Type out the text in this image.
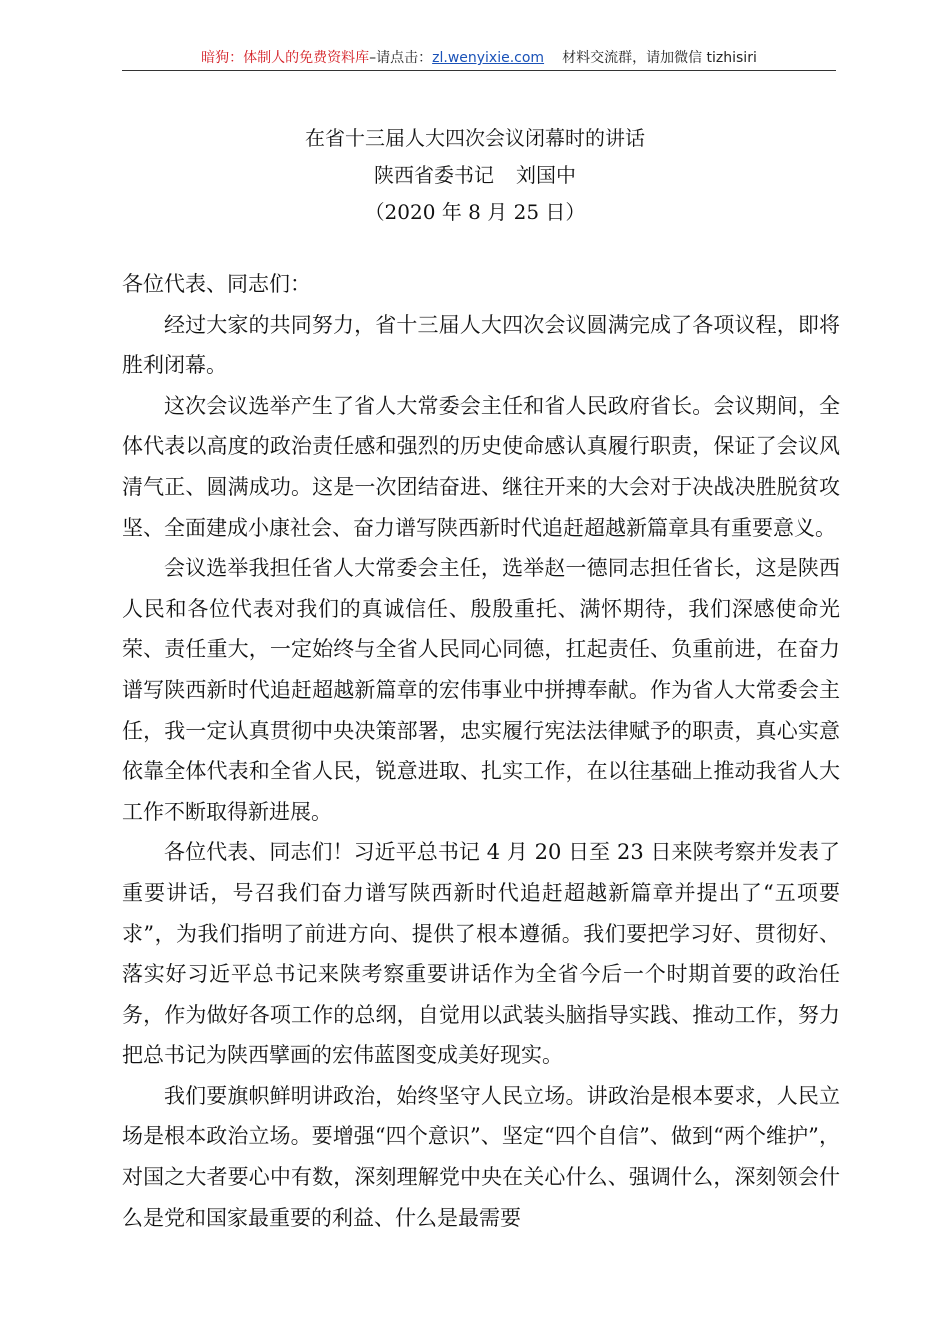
暗狗：体制人的免费资料库–请点击：zl.wenyixie.com 材料交流群，请加微信 tizhisiri
在省十三届人大四次会议闭幕时的讲话
陕西省委书记 刘国中
（2020 年 8 月 25 日）

各位代表、同志们：

经过大家的共同努力，省十三届人大四次会议圆满完成了各项议程，即将胜利闭幕。

这次会议选举产生了省人大常委会主任和省人民政府省长。会议期间，全体代表以高度的政治责任感和强烈的历史使命感认真履行职责，保证了会议风清气正、圆满成功。这是一次团结奋进、继往开来的大会对于决战决胜脱贫攻坚、全面建成小康社会、奋力谱写陕西新时代追赶超越新篇章具有重要意义。

会议选举我担任省人大常委会主任，选举赵一德同志担任省长，这是陕西人民和各位代表对我们的真诚信任、殷殷重托、满怀期待，我们深感使命光荣、责任重大，一定始终与全省人民同心同德，扛起责任、负重前进，在奋力谱写陕西新时代追赶超越新篇章的宏伟事业中拼搏奉献。作为省人大常委会主任，我一定认真贯彻中央决策部署，忠实履行宪法法律赋予的职责，真心实意依靠全体代表和全省人民，锐意进取、扎实工作，在以往基础上推动我省人大工作不断取得新进展。

各位代表、同志们！习近平总书记 4 月 20 日至 23 日来陕考察并发表了重要讲话，号召我们奋力谱写陕西新时代追赶超越新篇章并提出了“五项要求”，为我们指明了前进方向、提供了根本遵循。我们要把学习好、贯彻好、落实好习近平总书记来陕考察重要讲话作为全省今后一个时期首要的政治任务，作为做好各项工作的总纲，自觉用以武装头脑指导实践、推动工作，努力把总书记为陕西擘画的宏伟蓝图变成美好现实。

我们要旗帜鲜明讲政治，始终坚守人民立场。讲政治是根本要求，人民立场是根本政治立场。要增强“四个意识”、坚定“四个自信”、做到“两个维护”，对国之大者要心中有数，深刻理解党中央在关心什么、强调什么，深刻领会什么是党和国家最重要的利益、什么是最需要
